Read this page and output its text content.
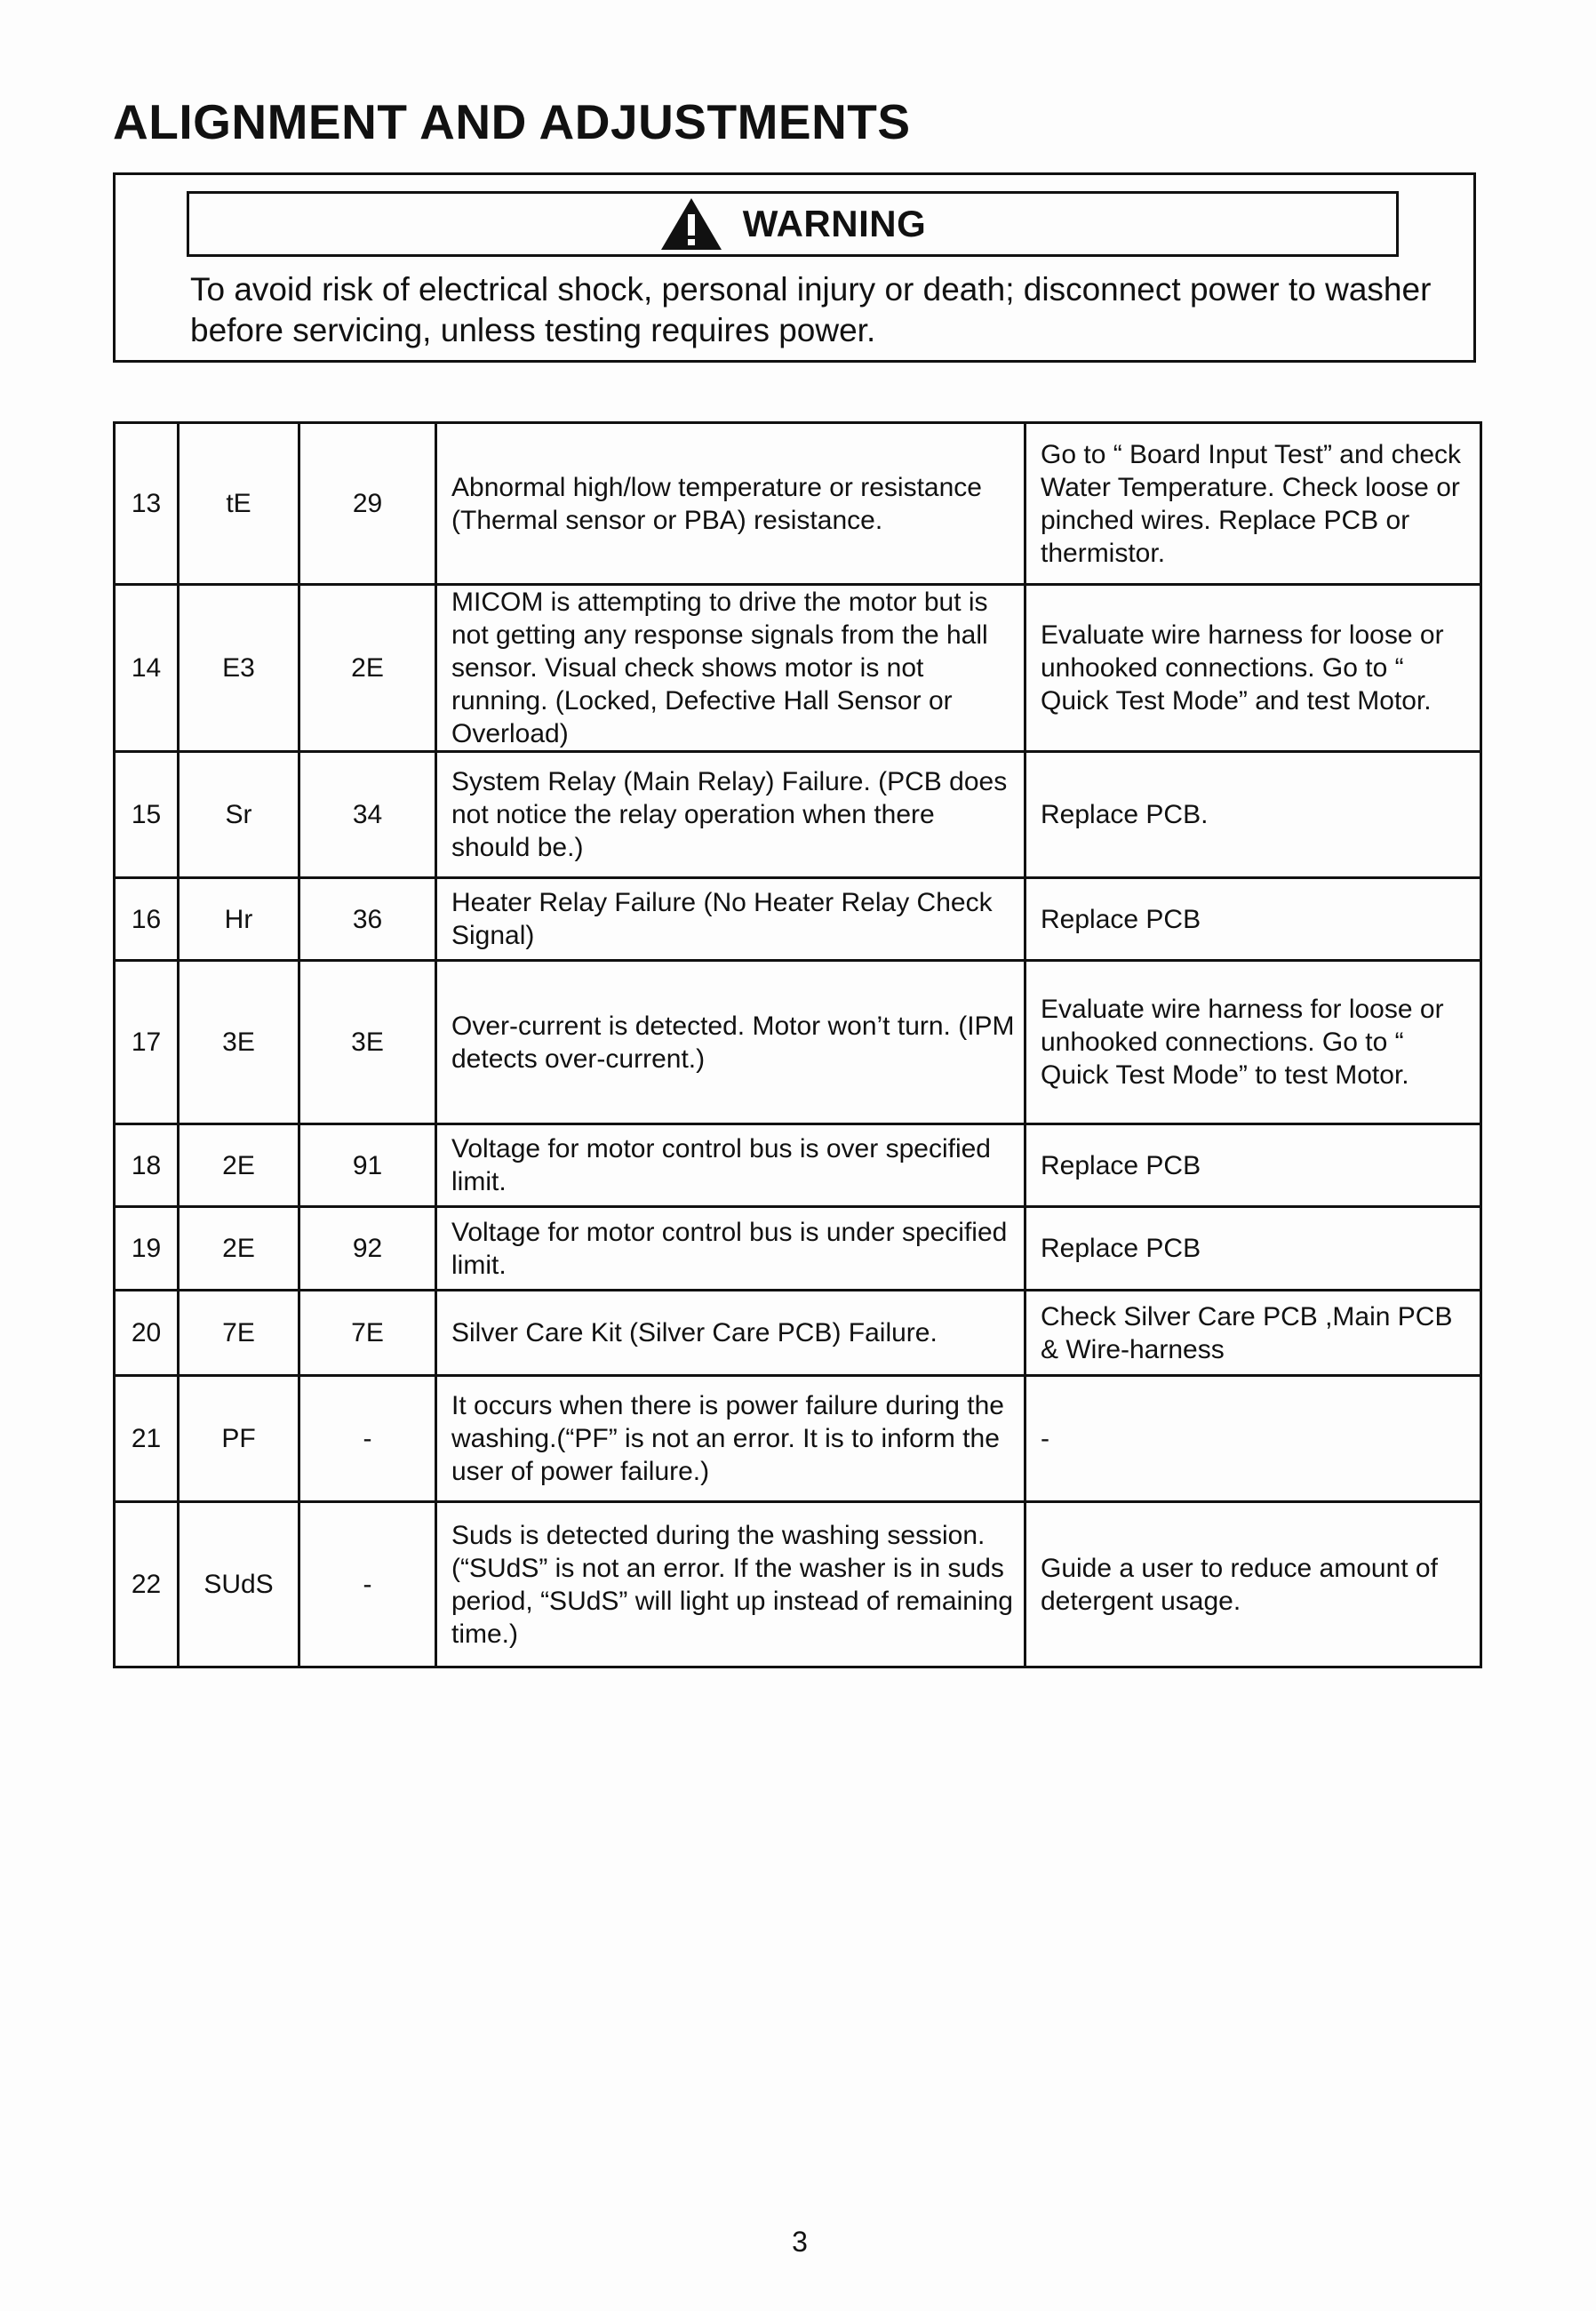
ALIGNMENT AND ADJUSTMENTS
WARNING
To avoid risk of electrical shock, personal injury or death; disconnect power to washer before servicing, unless testing requires power.
13	tE	29	Abnormal high/low temperature or resistance (Thermal sensor or PBA) resistance.	Go to “ Board Input Test” and check Water Temperature. Check loose or pinched wires. Replace PCB or thermistor.
14	E3	2E	MICOM is attempting to drive the motor but is not getting any response signals from the hall sensor. Visual check shows motor is not running. (Locked, Defective Hall Sensor or Overload)	Evaluate wire harness for loose or unhooked connections. Go to “ Quick Test Mode” and test Motor.
15	Sr	34	System Relay (Main Relay) Failure. (PCB does not notice the relay operation when there should be.)	Replace PCB.
16	Hr	36	Heater Relay Failure (No Heater Relay Check Signal)	Replace PCB
17	3E	3E	Over-current is detected. Motor won’t turn. (IPM detects over-current.)	Evaluate wire harness for loose or unhooked connections. Go to “ Quick Test Mode” to test Motor.
18	2E	91	Voltage for motor control bus is over specified limit.	Replace PCB
19	2E	92	Voltage for motor control bus is under specified limit.	Replace PCB
20	7E	7E	Silver Care Kit (Silver Care PCB) Failure.	Check Silver Care PCB ,Main PCB & Wire-harness
21	PF	-	It occurs when there is power failure during the washing.(“PF” is not an error. It is to inform the user of power failure.)	-
22	SUdS	-	Suds is detected during the washing session. (“SUdS” is not an error. If the washer is in suds period, “SUdS” will light up instead of remaining time.)	Guide a user to reduce amount of detergent usage.
3
